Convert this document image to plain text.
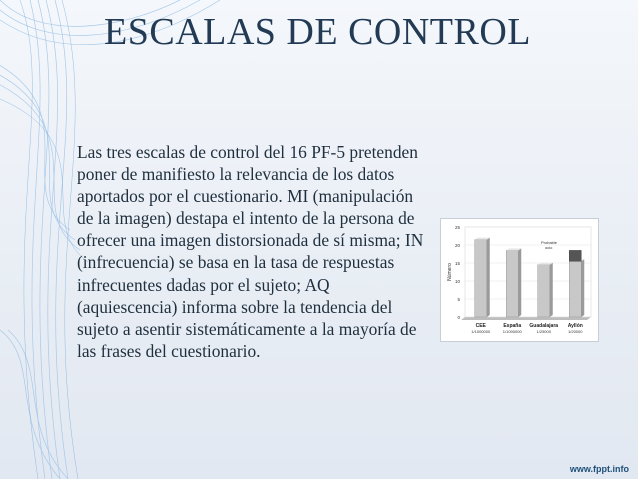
ESCALAS DE CONTROL
Las tres escalas de control del 16 PF-5 pretenden poner de manifiesto la relevancia de los datos aportados por el cuestionario. MI (manipulación de la imagen) destapa el intento de la persona de ofrecer una imagen distorsionada de sí misma; IN (infrecuencia) se basa en la tasa de respuestas infrecuentes dadas por el sujeto; AQ (aquiescencia) informa sobre la tendencia del sujeto a asentir sistemáticamente a la mayoría de las frases del cuestionario.
0
5
10
15
20
25
Número
CEE
1/1000000
España
1/1000000
Guadalajara
1/25000
Ayllón
1/20000
Probable
ocio
www.fppt.info
